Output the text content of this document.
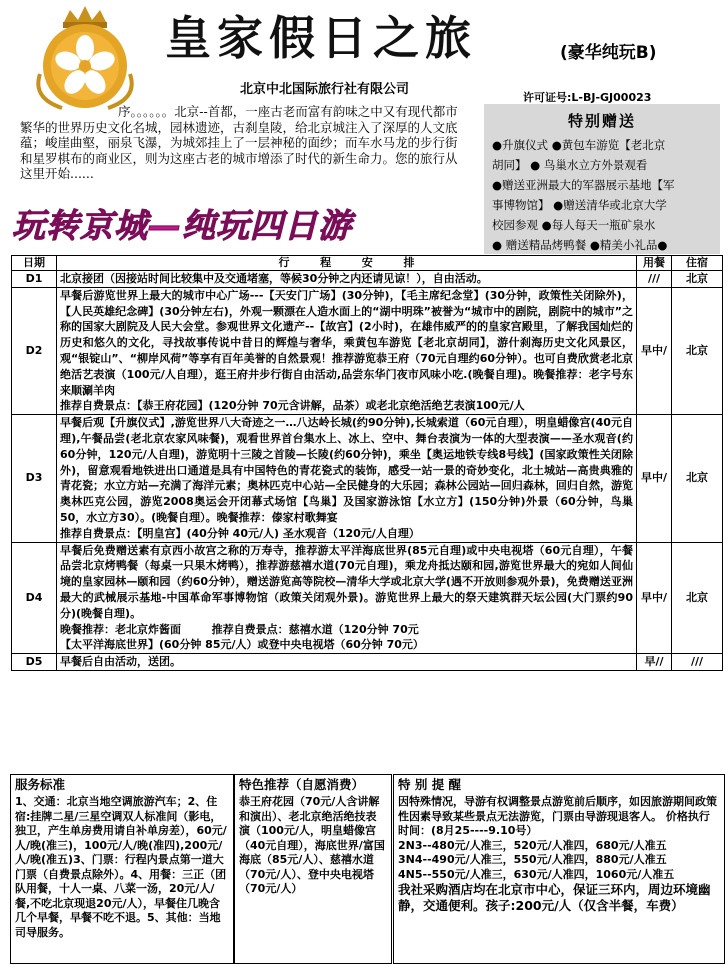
皇家假日之旅	(豪华纯玩B)
北京中北国际旅行社有限公司
许可证号:L-BJ-GJ00023
序。。。。。。北京--首都，一座古老而富有韵味之中又有现代都市繁华的世界历史文化名城，园林遗迹，古刹皇陵，给北京城注入了深厚的人文底蕴；峻崖曲壑，丽泉飞瀑，为城郊挂上了一层神秘的面纱；而车水马龙的步行街和星罗棋布的商业区，则为这座古老的城市增添了时代的新生命力。您的旅行从这里开始......
特别赠送
●升旗仪式 ●黄包车游览【老北京
胡同】 ● 鸟巢水立方外景观看
●赠送亚洲最大的军器展示基地【军
事博物馆】 ●赠送清华或北京大学
校园参观 ●每人每天一瓶矿泉水
● 赠送精品烤鸭餐 ●精美小礼品●
玩转京城—纯玩四日游
日期	行        程        安        排	用餐	住宿
D1	北京接团（因接站时间比较集中及交通堵塞，等候30分钟之内还请见谅！），自由活动。	///	北京
D2	早餐后游览世界上最大的城市中心广场---【天安门广场】(30分钟)，【毛主席纪念堂】(30分钟，政策性关闭除外)，【人民英雄纪念碑】(30分钟左右)，外观一颗漂在人造水面上的“湖中明珠”被誉为“城市中的剧院，剧院中的城市”之称的国家大剧院及人民大会堂。参观世界文化遗产--【故宫】(2小时)，在雄伟威严的的皇家宫殿里，了解我国灿烂的历史和悠久的文化，寻找故事传说中昔日的辉煌与奢华，乘黄包车游览【老北京胡同】，游什刹海历史文化风景区，观“银锭山”、“柳岸风荷”等享有百年美誉的自然景观！推荐游览恭王府（70元自理约60分钟）。也可自费欣赏老北京绝活艺表演（100元/人自理），逛王府井步行街自由活动,品尝东华门夜市风味小吃.(晚餐自理)。晚餐推荐：老字号东来顺涮羊肉
推荐自费景点：【恭王府花园】(120分钟 70元含讲解，品茶）或老北京绝活绝艺表演100元/人	早中/	北京
D3	早餐后观【升旗仪式】,游览世界八大奇迹之一…八达岭长城(约90分钟),长城索道（60元自理），明皇蜡像宫(40元自理),午餐品尝(老北京农家风味餐)，观看世界首台集水上、冰上、空中、舞台表演为一体的大型表演——圣水观音(约60分钟，120元/人自理)，游览明十三陵之首陵—长陵(约60分钟)，乘坐【奥运地铁专线8号线】(国家政策性关闭除外)，留意观看地铁进出口通道是具有中国特色的青花瓷式的装饰，感受一站一景的奇妙变化，北土城站—高贵典雅的青花瓷；水立方站—充满了海洋元素；奥林匹克中心站—全民健身的大乐园；森林公园站—回归森林，回归自然，游览奥林匹克公园，游览2008奥运会开闭幕式场馆【鸟巢】及国家游泳馆【水立方】(150分钟)外景（60分钟，鸟巢50，水立方30）。(晚餐自理）。晚餐推荐：傣家村歌舞宴
推荐自费景点：【明皇宫】(40分钟 40元/人) 圣水观音（120元/人自理）	早中/	北京
D4	早餐后免费赠送素有京西小故宫之称的万寿寺，推荐游太平洋海底世界(85元自理)或中央电视塔（60元自理），午餐品尝北京烤鸭餐（每桌一只果木烤鸭），推荐游慈禧水道(70元自理)，乘龙舟抵达颐和园,游览世界最大的宛如人间仙境的皇家园林—颐和园（约60分钟），赠送游览高等院校—清华大学或北京大学(遇不开放则参观外景)，免费赠送亚洲最大的武械展示基地-中国革命军事博物馆（政策关闭观外景)。游览世界上最大的祭天建筑群天坛公园(大门票约90分)(晚餐自理)。
晚餐推荐：老北京炸酱面        推荐自费景点：慈禧水道（120分钟 70元
【太平洋海底世界】(60分钟 85元/人）或登中央电视塔（60分钟 70元）	早中/	北京
D5	早餐后自由活动，送团。	早//	///
服务标准

1、交通：北京当地空调旅游汽车；2、住宿:挂牌二星/三星空调双人标准间（影电，独卫，产生单房费用请自补单房差），60元/人/晚(准三)，100元/人/晚(准四),200元/人/晚(准五)3、门票：行程内景点第一道大门票（自费景点除外）。4、用餐：三正（团队用餐，十人一桌、八菜一汤，20元/人/餐,不吃北京现退20元/人），早餐住几晚含几个早餐，早餐不吃不退。5、其他：当地司导服务。

特色推荐（自愿消费）

恭王府花园（70元/人含讲解和演出）、老北京绝活绝技表演（100元/人，明皇蜡像宫（40元自理），海底世界/富国海底（85元/人）、慈禧水道（70元/人）、登中央电视塔（70元/人）

特 别 提 醒

因特殊情况，导游有权调整景点游览前后顺序，如因旅游期间政策性因素导致某些景点无法游览，门票由导游现退客人。 价格执行时间：(8月25----9.10号）

2N3--480元/人准三，520元/人准四，680元/人准五

3N4--490元/人准三，550元/人准四，880元/人准五

4N5--550元/人准三，630元/人准四，1060元/人准五

我社采购酒店均在北京市中心，保证三环内，周边环境幽静，交通便利。孩子:200元/人（仅含半餐，车费）
